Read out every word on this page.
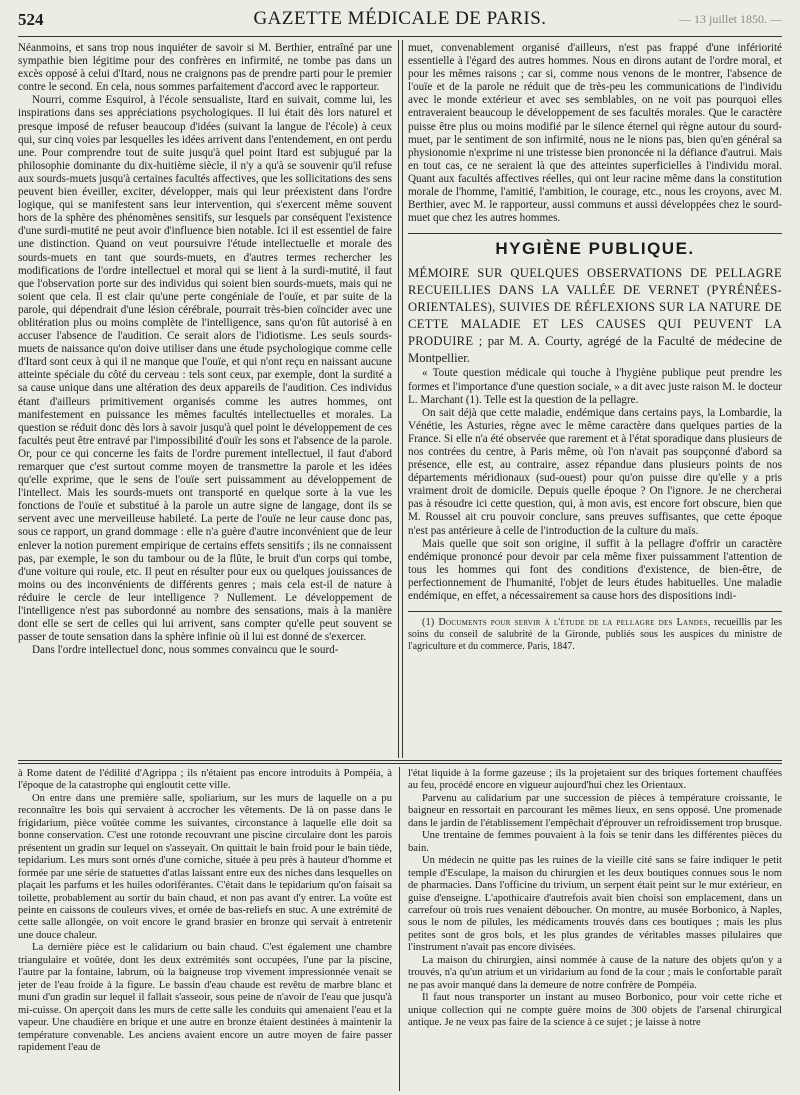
524	GAZETTE MÉDICALE DE PARIS.	— 13 juillet 1850. —

Néanmoins, et sans trop nous inquiéter de savoir si M. Berthier, entraîné par une sympathie bien légitime pour des confrères en infirmité, ne tombe pas dans un excès opposé à celui d'Itard, nous ne craignons pas de prendre parti pour le premier contre le second. En cela, nous sommes parfaitement d'accord avec le rapporteur.

Nourri, comme Esquirol, à l'école sensualiste, Itard en suivait, comme lui, les inspirations dans ses appréciations psychologiques. Il lui était dès lors naturel et presque imposé de refuser beaucoup d'idées (suivant la langue de l'école) à ceux qui, sur cinq voies par lesquelles les idées arrivent dans l'entendement, en ont perdu une. Pour comprendre tout de suite jusqu'à quel point Itard est subjugué par la philosophie dominante du dix-huitième siècle, il n'y a qu'à se souvenir qu'il refuse aux sourds-muets jusqu'à certaines facultés affectives, que les sollicitations des sens peuvent bien éveiller, exciter, développer, mais qui leur préexistent dans l'ordre logique, qui se manifestent sans leur intervention, qui s'exercent même souvent hors de la sphère des phénomènes sensitifs, sur lesquels par conséquent l'existence d'une surdi-mutité ne peut avoir d'influence bien notable. Ici il est essentiel de faire une distinction. Quand on veut poursuivre l'étude intellectuelle et morale des sourds-muets en tant que sourds-muets, en d'autres termes rechercher les modifications de l'ordre intellectuel et moral qui se lient à la surdi-mutité, il faut que l'observation porte sur des individus qui soient bien sourds-muets, mais qui ne soient que cela. Il est clair qu'une perte congéniale de l'ouïe, et par suite de la parole, qui dépendrait d'une lésion cérébrale, pourrait très-bien coïncider avec une oblitération plus ou moins complète de l'intelligence, sans qu'on fût autorisé à en accuser l'absence de l'audition. Ce serait alors de l'idiotisme. Les seuls sourds-muets de naissance qu'on doive utiliser dans une étude psychologique comme celle d'Itard sont ceux à qui il ne manque que l'ouïe, et qui n'ont reçu en naissant aucune atteinte spéciale du côté du cerveau : tels sont ceux, par exemple, dont la surdité a sa cause unique dans une altération des deux appareils de l'audition. Ces individus étant d'ailleurs primitivement organisés comme les autres hommes, ont manifestement en puissance les mêmes facultés intellectuelles et morales. La question se réduit donc dès lors à savoir jusqu'à quel point le développement de ces facultés peut être entravé par l'impossibilité d'ouïr les sons et l'absence de la parole. Or, pour ce qui concerne les faits de l'ordre purement intellectuel, il faut d'abord remarquer que c'est surtout comme moyen de transmettre la parole et les idées qu'elle exprime, que le sens de l'ouïe sert puissamment au développement de l'intellect. Mais les sourds-muets ont transporté en quelque sorte à la vue les fonctions de l'ouïe et substitué à la parole un autre signe de langage, dont ils se servent avec une merveilleuse habileté. La perte de l'ouïe ne leur cause donc pas, sous ce rapport, un grand dommage : elle n'a guère d'autre inconvénient que de leur enlever la notion purement empirique de certains effets sensitifs ; ils ne connaissent pas, par exemple, le son du tambour ou de la flûte, le bruit d'un corps qui tombe, d'une voiture qui roule, etc. Il peut en résulter pour eux ou quelques jouissances de moins ou des inconvénients de différents genres ; mais cela est-il de nature à réduire le cercle de leur intelligence ? Nullement. Le développement de l'intelligence n'est pas subordonné au nombre des sensations, mais à la manière dont elle se sert de celles qui lui arrivent, sans compter qu'elle peut souvent se passer de toute sensation dans la sphère infinie où il lui est donné de s'exercer.

Dans l'ordre intellectuel donc, nous sommes convaincu que le sourd-

muet, convenablement organisé d'ailleurs, n'est pas frappé d'une infériorité essentielle à l'égard des autres hommes. Nous en dirons autant de l'ordre moral, et pour les mêmes raisons ; car si, comme nous venons de le montrer, l'absence de l'ouïe et de la parole ne réduit que de très-peu les communications de l'individu avec le monde extérieur et avec ses semblables, on ne voit pas pourquoi elles entraveraient beaucoup le développement de ses facultés morales. Que le caractère puisse être plus ou moins modifié par le silence éternel qui règne autour du sourd-muet, par le sentiment de son infirmité, nous ne le nions pas, bien qu'en général sa physionomie n'exprime ni une tristesse bien prononcée ni la défiance d'autrui. Mais en tout cas, ce ne seraient là que des atteintes superficielles à l'individu moral. Quant aux facultés affectives réelles, qui ont leur racine même dans la constitution morale de l'homme, l'amitié, l'ambition, le courage, etc., nous les croyons, avec M. Berthier, avec M. le rapporteur, aussi communs et aussi développées chez le sourd-muet que chez les autres hommes.

HYGIÈNE PUBLIQUE.

MÉMOIRE SUR QUELQUES OBSERVATIONS DE PELLAGRE RECUEILLIES DANS LA VALLÉE DE VERNET (PYRÉNÉES-ORIENTALES), SUIVIES DE RÉFLEXIONS SUR LA NATURE DE CETTE MALADIE ET LES CAUSES QUI PEUVENT LA PRODUIRE ; par M. A. Courty, agrégé de la Faculté de médecine de Montpellier.

« Toute question médicale qui touche à l'hygiène publique peut prendre les formes et l'importance d'une question sociale, » a dit avec juste raison M. le docteur L. Marchant (1). Telle est la question de la pellagre.

On sait déjà que cette maladie, endémique dans certains pays, la Lombardie, la Vénétie, les Asturies, règne avec le même caractère dans quelques parties de la France. Si elle n'a été observée que rarement et à l'état sporadique dans plusieurs de nos contrées du centre, à Paris même, où l'on n'avait pas soupçonné d'abord sa présence, elle est, au contraire, assez répandue dans plusieurs points de nos départements méridionaux (sud-ouest) pour qu'on puisse dire qu'elle y a pris vraiment droit de domicile. Depuis quelle époque ? On l'ignore. Je ne chercherai pas à résoudre ici cette question, qui, à mon avis, est encore fort obscure, bien que M. Roussel ait cru pouvoir conclure, sans preuves suffisantes, que cette époque n'est pas antérieure à celle de l'introduction de la culture du maïs.

Mais quelle que soit son origine, il suffit à la pellagre d'offrir un caractère endémique prononcé pour devoir par cela même fixer puissamment l'attention de tous les hommes qui font des conditions d'existence, de bien-être, de perfectionnement de l'humanité, l'objet de leurs études habituelles. Une maladie endémique, en effet, a nécessairement sa cause hors des dispositions indi-

(1) Documents pour servir à l'étude de la pellagre des Landes, recueillis par les soins du conseil de salubrité de la Gironde, publiés sous les auspices du ministre de l'agriculture et du commerce. Paris, 1847.

à Rome datent de l'édilité d'Agrippa ; ils n'étaient pas encore introduits à Pompéia, à l'époque de la catastrophe qui engloutit cette ville.

On entre dans une première salle, spoliarium, sur les murs de laquelle on a pu reconnaître les bois qui servaient à accrocher les vêtements. De là on passe dans le frigidarium, pièce voûtée comme les suivantes, circonstance à laquelle elle doit sa bonne conservation. C'est une rotonde recouvrant une piscine circulaire dont les parois présentent un gradin sur lequel on s'asseyait. On quittait le bain froid pour le bain tiède, tepidarium. Les murs sont ornés d'une corniche, située à peu près à hauteur d'homme et formée par une série de statuettes d'atlas laissant entre eux des niches dans lesquelles on plaçait les parfums et les huiles odoriférantes. C'était dans le tepidarium qu'on faisait sa toilette, probablement au sortir du bain chaud, et non pas avant d'y entrer. La voûte est peinte en caissons de couleurs vives, et ornée de bas-reliefs en stuc. A une extrémité de cette salle allongée, on voit encore le grand brasier en bronze qui servait à entretenir une douce chaleur.

La dernière pièce est le calidarium ou bain chaud. C'est également une chambre triangulaire et voûtée, dont les deux extrémités sont occupées, l'une par la piscine, l'autre par la fontaine, labrum, où la baigneuse trop vivement impressionnée venait se jeter de l'eau froide à la figure. Le bassin d'eau chaude est revêtu de marbre blanc et muni d'un gradin sur lequel il fallait s'asseoir, sous peine de n'avoir de l'eau que jusqu'à mi-cuisse. On aperçoit dans les murs de cette salle les conduits qui amenaient l'eau et la vapeur. Une chaudière en brique et une autre en bronze étaient destinées à maintenir la température convenable. Les anciens avaient encore un autre moyen de faire passer rapidement l'eau de

l'état liquide à la forme gazeuse ; ils la projetaient sur des briques fortement chauffées au feu, procédé encore en vigueur aujourd'hui chez les Orientaux.

Parvenu au calidarium par une succession de pièces à température croissante, le baigneur en ressortait en parcourant les mêmes lieux, en sens opposé. Une promenade dans le jardin de l'établissement l'empêchait d'éprouver un refroidissement trop brusque.

Une trentaine de femmes pouvaient à la fois se tenir dans les différentes pièces du bain.

Un médecin ne quitte pas les ruines de la vieille cité sans se faire indiquer le petit temple d'Esculape, la maison du chirurgien et les deux boutiques connues sous le nom de pharmacies. Dans l'officine du trivium, un serpent était peint sur le mur extérieur, en guise d'enseigne. L'apothicaire d'autrefois avait bien choisi son emplacement, dans un carrefour où trois rues venaient déboucher. On montre, au musée Borbonico, à Naples, sous le nom de pilules, les médicaments trouvés dans ces boutiques ; mais les plus petites sont de gros bols, et les plus grandes de véritables masses pilulaires que l'instrument n'avait pas encore divisées.

La maison du chirurgien, ainsi nommée à cause de la nature des objets qu'on y a trouvés, n'a qu'un atrium et un viridarium au fond de la cour ; mais le confortable paraît ne pas avoir manqué dans la demeure de notre confrère de Pompéia.

Il faut nous transporter un instant au museo Borbonico, pour voir cette riche et unique collection qui ne compte guère moins de 300 objets de l'arsenal chirurgical antique. Je ne veux pas faire de la science à ce sujet ; je laisse à notre
